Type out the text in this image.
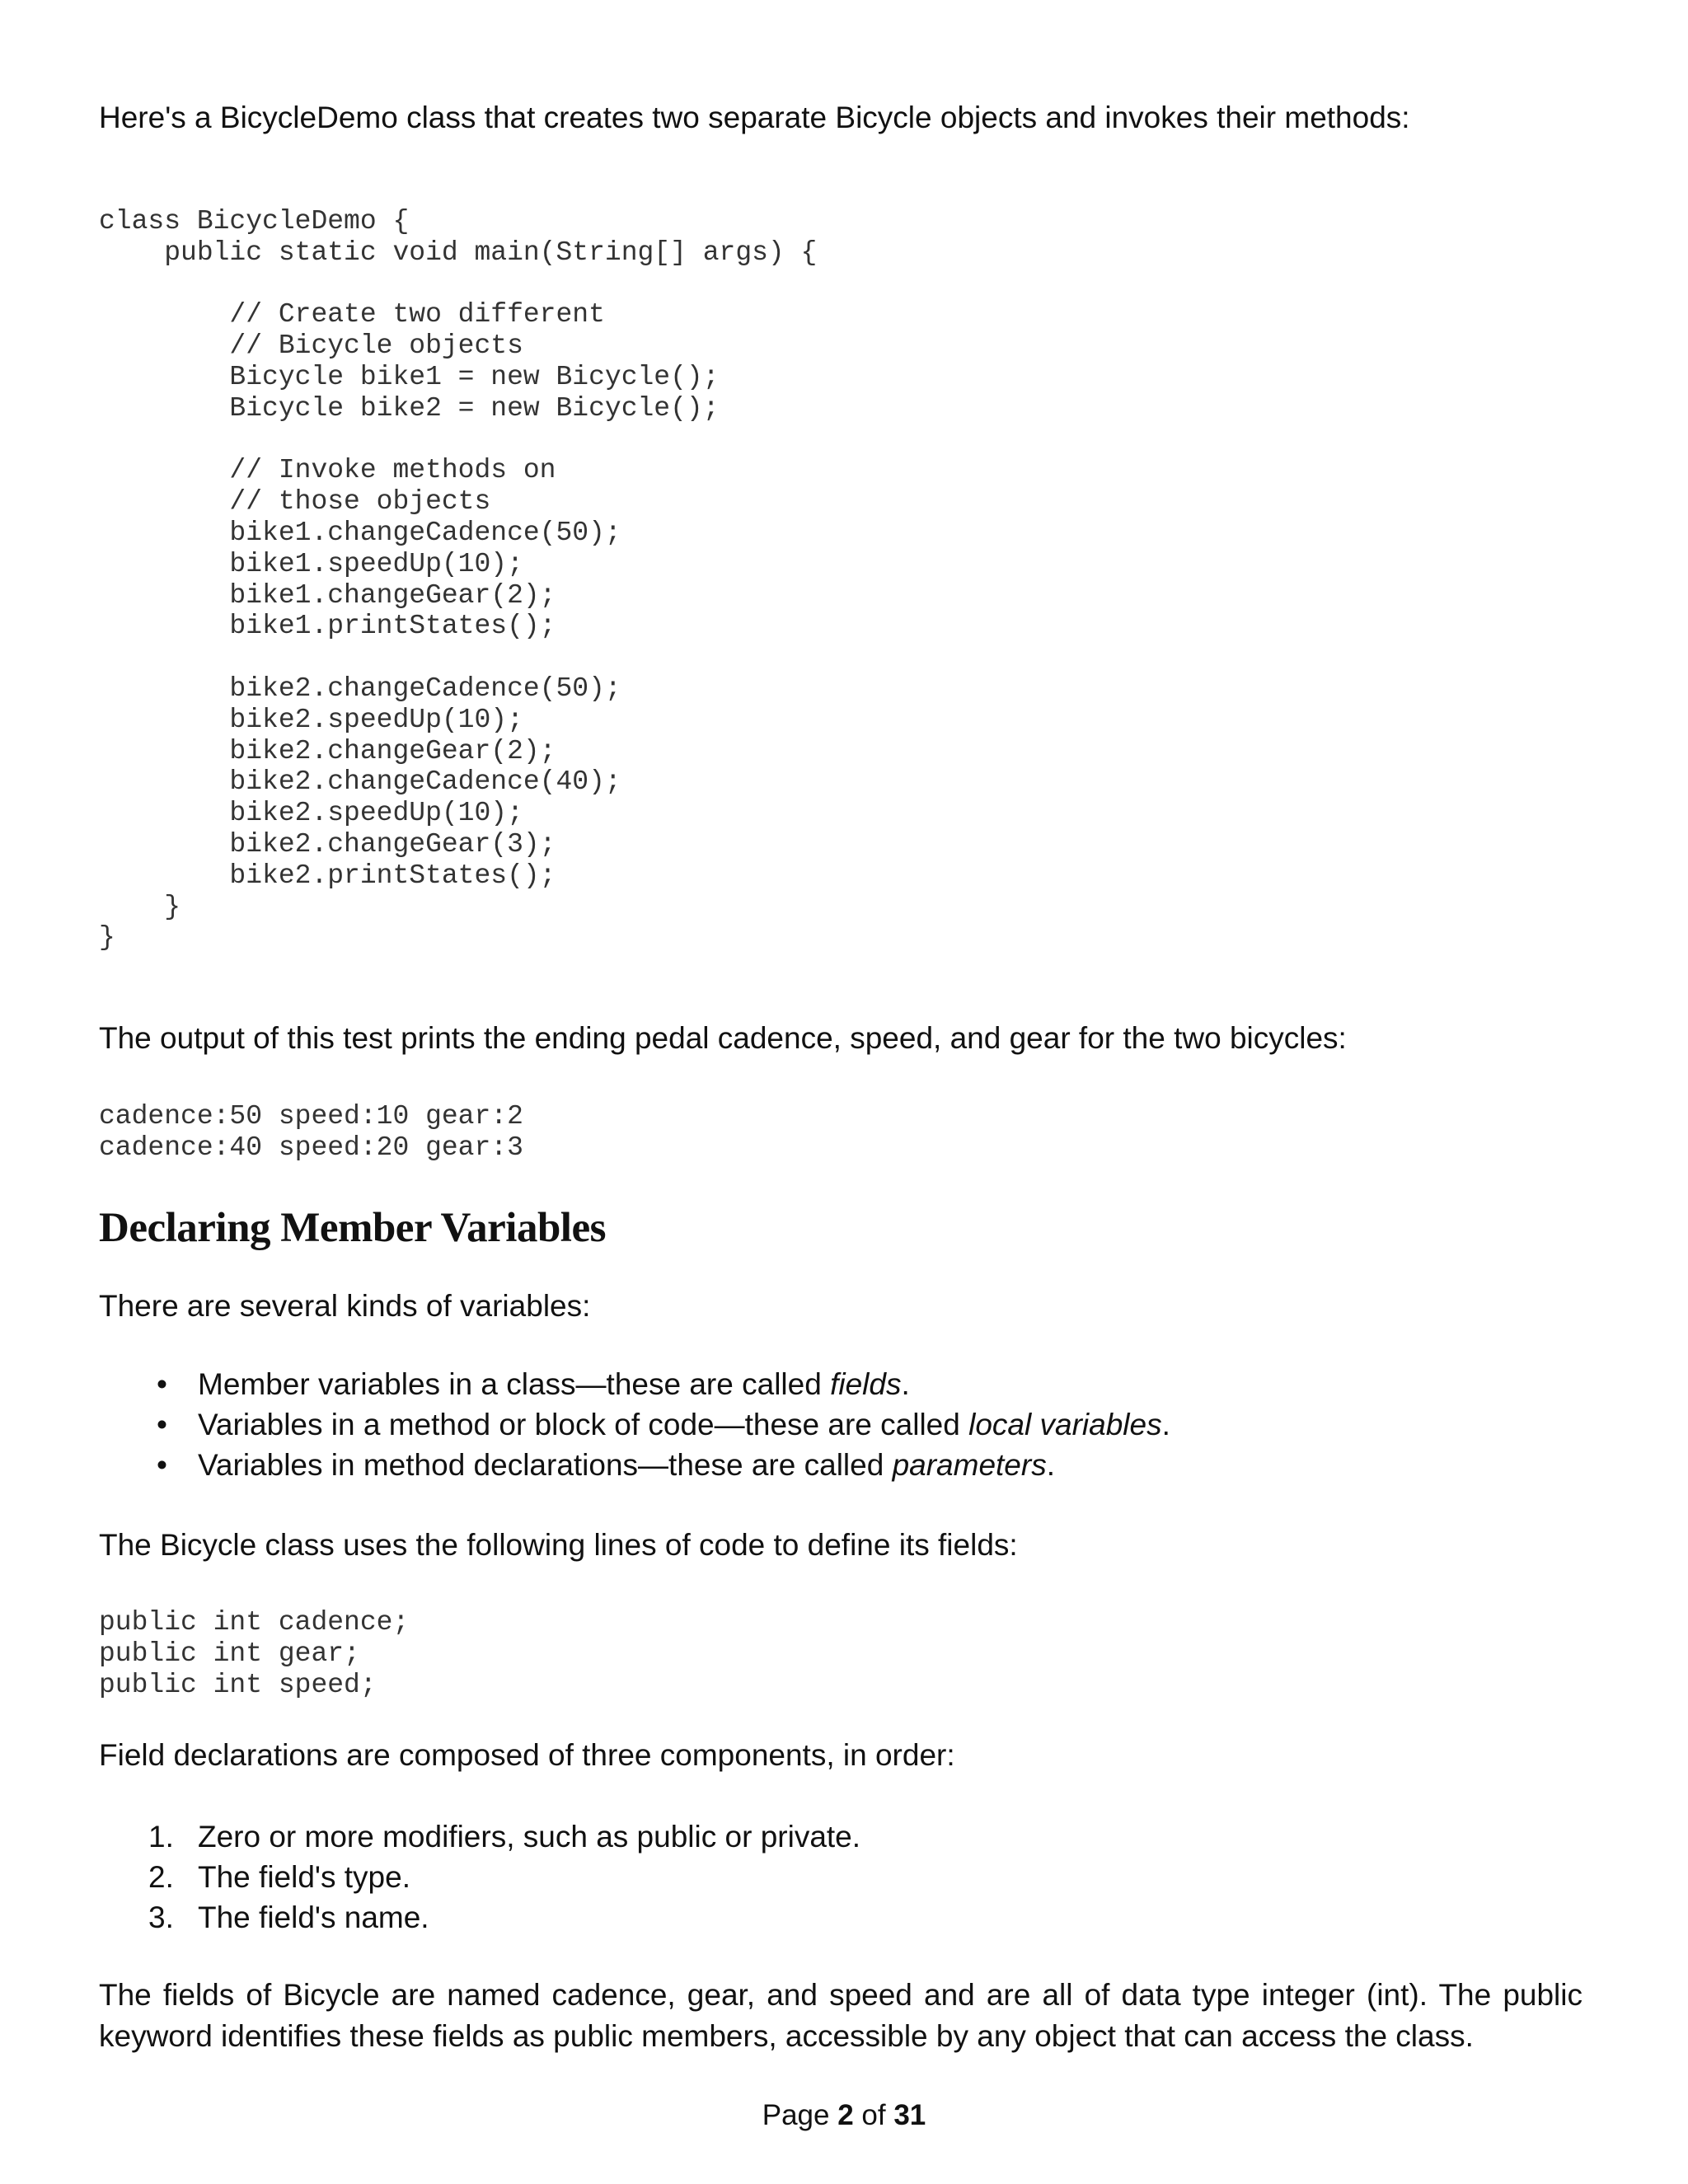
Here's a BicycleDemo class that creates two separate Bicycle objects and invokes their methods:

class BicycleDemo {
public static void main(String[] args) {

// Create two different
// Bicycle objects
Bicycle bike1 = new Bicycle();
Bicycle bike2 = new Bicycle();

// Invoke methods on
// those objects
bike1.changeCadence(50);
bike1.speedUp(10);
bike1.changeGear(2);
bike1.printStates();

bike2.changeCadence(50);
bike2.speedUp(10);
bike2.changeGear(2);
bike2.changeCadence(40);
bike2.speedUp(10);
bike2.changeGear(3);
bike2.printStates();
}
}

The output of this test prints the ending pedal cadence, speed, and gear for the two bicycles:

cadence:50 speed:10 gear:2
cadence:40 speed:20 gear:3
Declaring Member Variables

There are several kinds of variables:

• Member variables in a class—these are called fields.
• Variables in a method or block of code—these are called local variables.
• Variables in method declarations—these are called parameters.

The Bicycle class uses the following lines of code to define its fields:

public int cadence;
public int gear;
public int speed;

Field declarations are composed of three components, in order:

1. Zero or more modifiers, such as public or private.
2. The field's type.
3. The field's name.

The fields of Bicycle are named cadence, gear, and speed and are all of data type integer (int). The public keyword identifies these fields as public members, accessible by any object that can access the class.

Page 2 of 31
